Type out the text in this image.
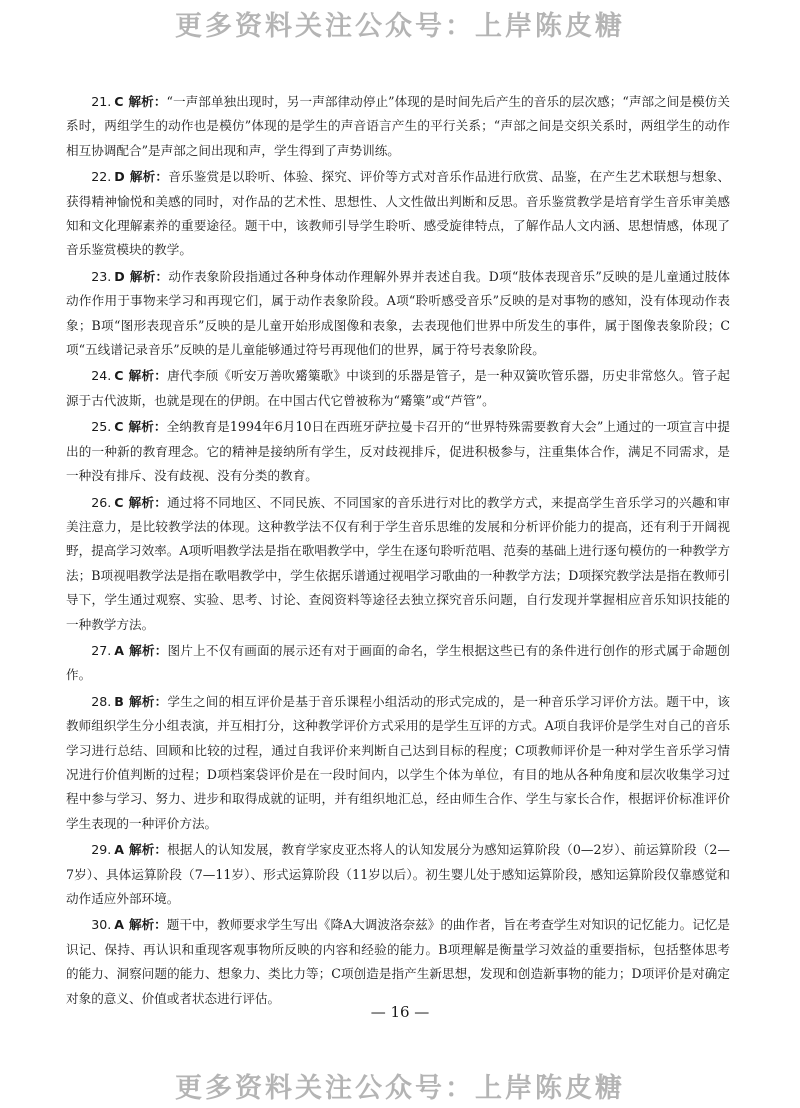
更多资料关注公众号：上岸陈皮糖

21. C 解析：“一声部单独出现时，另一声部律动停止”体现的是时间先后产生的音乐的层次感；“声部之间是模仿关系时，两组学生的动作也是模仿”体现的是学生的声音语言产生的平行关系；“声部之间是交织关系时，两组学生的动作相互协调配合”是声部之间出现和声，学生得到了声势训练。

22. D 解析：音乐鉴赏是以聆听、体验、探究、评价等方式对音乐作品进行欣赏、品鉴，在产生艺术联想与想象、获得精神愉悦和美感的同时，对作品的艺术性、思想性、人文性做出判断和反思。音乐鉴赏教学是培育学生音乐审美感知和文化理解素养的重要途径。题干中，该教师引导学生聆听、感受旋律特点，了解作品人文内涵、思想情感，体现了音乐鉴赏模块的教学。

23. D 解析：动作表象阶段指通过各种身体动作理解外界并表述自我。D项“肢体表现音乐”反映的是儿童通过肢体动作作用于事物来学习和再现它们，属于动作表象阶段。A项“聆听感受音乐”反映的是对事物的感知，没有体现动作表象；B项“图形表现音乐”反映的是儿童开始形成图像和表象，去表现他们世界中所发生的事件，属于图像表象阶段；C项“五线谱记录音乐”反映的是儿童能够通过符号再现他们的世界，属于符号表象阶段。

24. C 解析：唐代李颀《听安万善吹觱篥歌》中谈到的乐器是管子，是一种双簧吹管乐器，历史非常悠久。管子起源于古代波斯，也就是现在的伊朗。在中国古代它曾被称为“觱篥”或“芦管”。

25. C 解析：全纳教育是1994年6月10日在西班牙萨拉曼卡召开的“世界特殊需要教育大会”上通过的一项宣言中提出的一种新的教育理念。它的精神是接纳所有学生，反对歧视排斥，促进积极参与，注重集体合作，满足不同需求，是一种没有排斥、没有歧视、没有分类的教育。

26. C 解析：通过将不同地区、不同民族、不同国家的音乐进行对比的教学方式，来提高学生音乐学习的兴趣和审美注意力，是比较教学法的体现。这种教学法不仅有利于学生音乐思维的发展和分析评价能力的提高，还有利于开阔视野，提高学习效率。A项听唱教学法是指在歌唱教学中，学生在逐句聆听范唱、范奏的基础上进行逐句模仿的一种教学方法；B项视唱教学法是指在歌唱教学中，学生依据乐谱通过视唱学习歌曲的一种教学方法；D项探究教学法是指在教师引导下，学生通过观察、实验、思考、讨论、查阅资料等途径去独立探究音乐问题，自行发现并掌握相应音乐知识技能的一种教学方法。

27. A 解析：图片上不仅有画面的展示还有对于画面的命名，学生根据这些已有的条件进行创作的形式属于命题创作。

28. B 解析：学生之间的相互评价是基于音乐课程小组活动的形式完成的，是一种音乐学习评价方法。题干中，该教师组织学生分小组表演，并互相打分，这种教学评价方式采用的是学生互评的方式。A项自我评价是学生对自己的音乐学习进行总结、回顾和比较的过程，通过自我评价来判断自己达到目标的程度；C项教师评价是一种对学生音乐学习情况进行价值判断的过程；D项档案袋评价是在一段时间内，以学生个体为单位，有目的地从各种角度和层次收集学习过程中参与学习、努力、进步和取得成就的证明，并有组织地汇总，经由师生合作、学生与家长合作，根据评价标准评价学生表现的一种评价方法。

29. A 解析：根据人的认知发展，教育学家皮亚杰将人的认知发展分为感知运算阶段（0—2岁）、前运算阶段（2—7岁）、具体运算阶段（7—11岁）、形式运算阶段（11岁以后）。初生婴儿处于感知运算阶段，感知运算阶段仅靠感觉和动作适应外部环境。

30. A 解析：题干中，教师要求学生写出《降A大调波洛奈兹》的曲作者，旨在考查学生对知识的记忆能力。记忆是识记、保持、再认识和重现客观事物所反映的内容和经验的能力。B项理解是衡量学习效益的重要指标，包括整体思考的能力、洞察问题的能力、想象力、类比力等；C项创造是指产生新思想，发现和创造新事物的能力；D项评价是对确定对象的意义、价值或者状态进行评估。

— 16 —
更多资料关注公众号：上岸陈皮糖
